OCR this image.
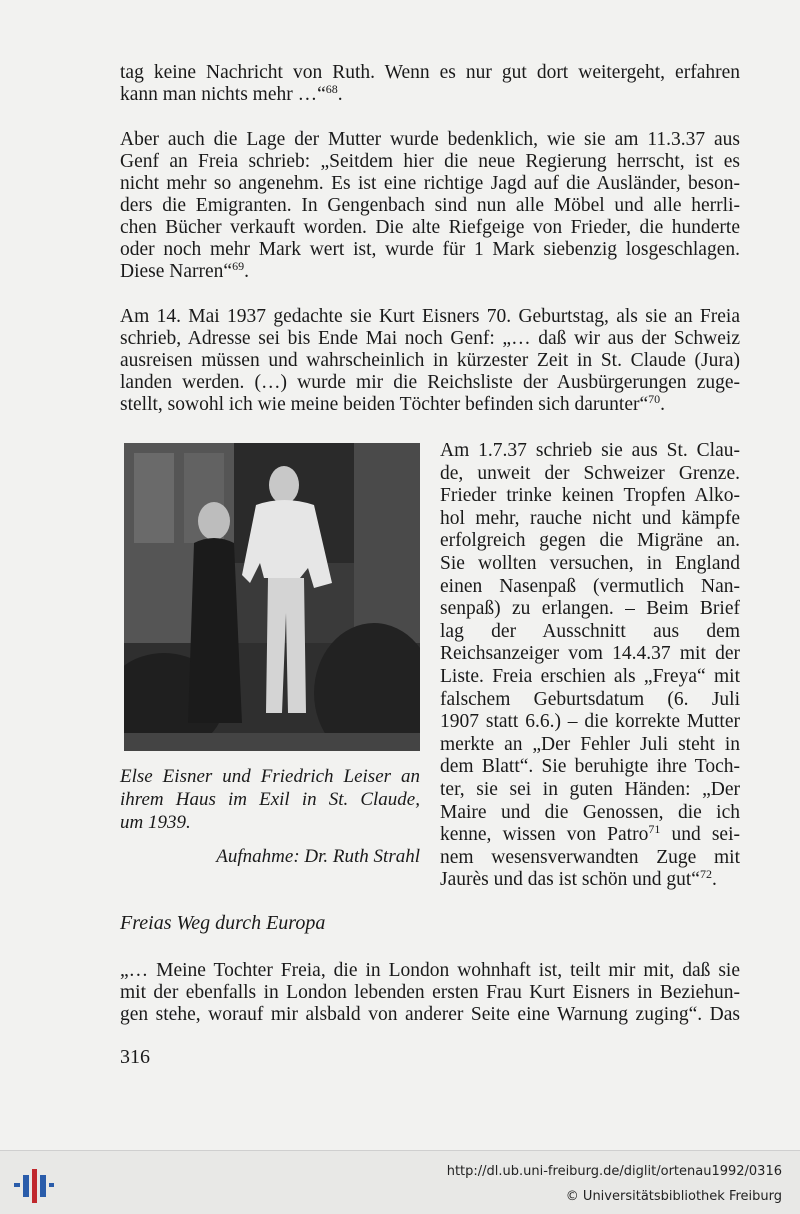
tag keine Nachricht von Ruth. Wenn es nur gut dort weitergeht, erfahren
kann man nichts mehr …“$^{68}$.
Aber auch die Lage der Mutter wurde bedenklich, wie sie am 11.3.37 aus
Genf an Freia schrieb: „Seitdem hier die neue Regierung herrscht, ist es
nicht mehr so angenehm. Es ist eine richtige Jagd auf die Ausländer, beson-
ders die Emigranten. In Gengenbach sind nun alle Möbel und alle herrli-
chen Bücher verkauft worden. Die alte Riefgeige von Frieder, die hunderte
oder noch mehr Mark wert ist, wurde für 1 Mark siebenzig losgeschlagen.
Diese Narren“$^{69}$.
Am 14. Mai 1937 gedachte sie Kurt Eisners 70. Geburtstag, als sie an Freia
schrieb, Adresse sei bis Ende Mai noch Genf: „… daß wir aus der Schweiz
ausreisen müssen und wahrscheinlich in kürzester Zeit in St. Claude (Jura)
landen werden. (…) wurde mir die Reichsliste der Ausbürgerungen zuge-
stellt, sowohl ich wie meine beiden Töchter befinden sich darunter“$^{70}$.
Else Eisner und Friedrich Leiser an
ihrem Haus im Exil in St. Claude,
um 1939.
Aufnahme: Dr. Ruth Strahl
Am 1.7.37 schrieb sie aus St. Clau-
de, unweit der Schweizer Grenze.
Frieder trinke keinen Tropfen Alko-
hol mehr, rauche nicht und kämpfe
erfolgreich gegen die Migräne an.
Sie wollten versuchen, in England
einen Nasenpaß (vermutlich Nan-
senpaß) zu erlangen. – Beim Brief
lag der Ausschnitt aus dem
Reichsanzeiger vom 14.4.37 mit der
Liste. Freia erschien als „Freya“ mit
falschem Geburtsdatum (6. Juli
1907 statt 6.6.) – die korrekte Mutter
merkte an „Der Fehler Juli steht in
dem Blatt“. Sie beruhigte ihre Toch-
ter, sie sei in guten Händen: „Der
Maire und die Genossen, die ich
kenne, wissen von Patro$^{71}$ und sei-
nem wesensverwandten Zuge mit
Jaurès und das ist schön und gut“$^{72}$.
Freias Weg durch Europa
„… Meine Tochter Freia, die in London wohnhaft ist, teilt mir mit, daß sie
mit der ebenfalls in London lebenden ersten Frau Kurt Eisners in Beziehun-
gen stehe, worauf mir alsbald von anderer Seite eine Warnung zuging“. Das
316
http://dl.ub.uni-freiburg.de/diglit/ortenau1992/0316
© Universitätsbibliothek Freiburg
